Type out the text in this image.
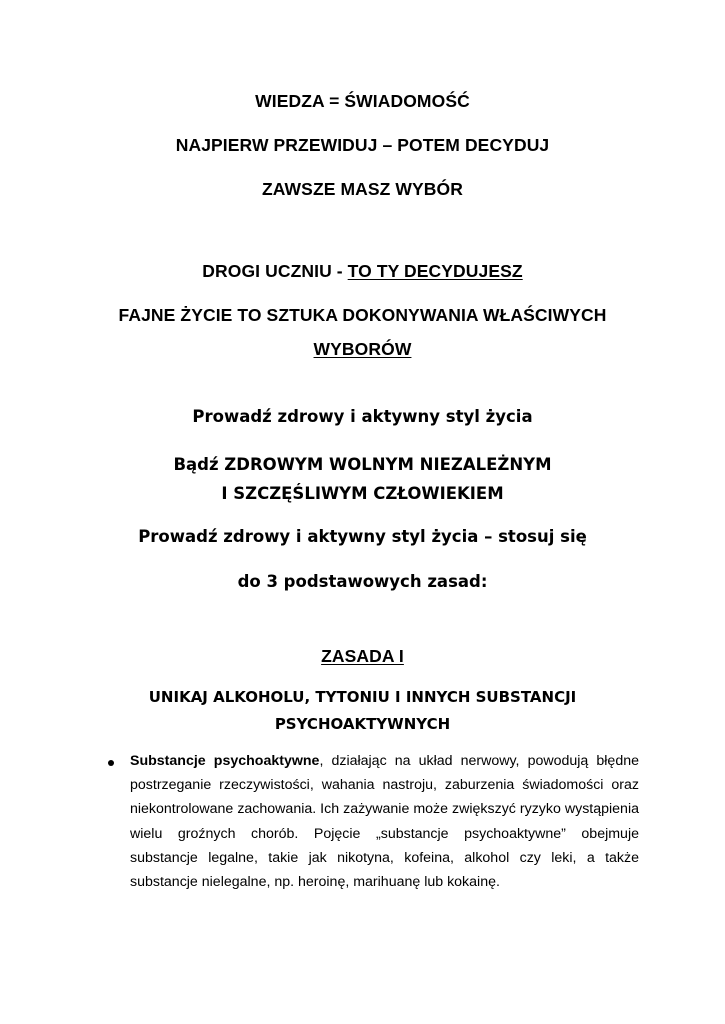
WIEDZA = ŚWIADOMOŚĆ
NAJPIERW PRZEWIDUJ – POTEM DECYDUJ
ZAWSZE MASZ WYBÓR
DROGI UCZNIU - TO TY DECYDUJESZ
FAJNE ŻYCIE TO SZTUKA DOKONYWANIA WŁAŚCIWYCH
WYBORÓW
Prowadź zdrowy i aktywny styl życia
Bądź ZDROWYM WOLNYM NIEZALEŻNYM
I SZCZĘŚLIWYM CZŁOWIEKIEM
Prowadź zdrowy i aktywny styl życia – stosuj się
do 3 podstawowych zasad:
ZASADA I
UNIKAJ ALKOHOLU, TYTONIU I INNYCH SUBSTANCJI
PSYCHOAKTYWNYCH
Substancje psychoaktywne, działając na układ nerwowy, powodują błędne postrzeganie rzeczywistości, wahania nastroju, zaburzenia świadomości oraz niekontrolowane zachowania. Ich zażywanie może zwiększyć ryzyko wystąpienia wielu groźnych chorób. Pojęcie „substancje psychoaktywne” obejmuje substancje legalne, takie jak nikotyna, kofeina, alkohol czy leki, a także substancje nielegalne, np. heroinę, marihuanę lub kokainę.
